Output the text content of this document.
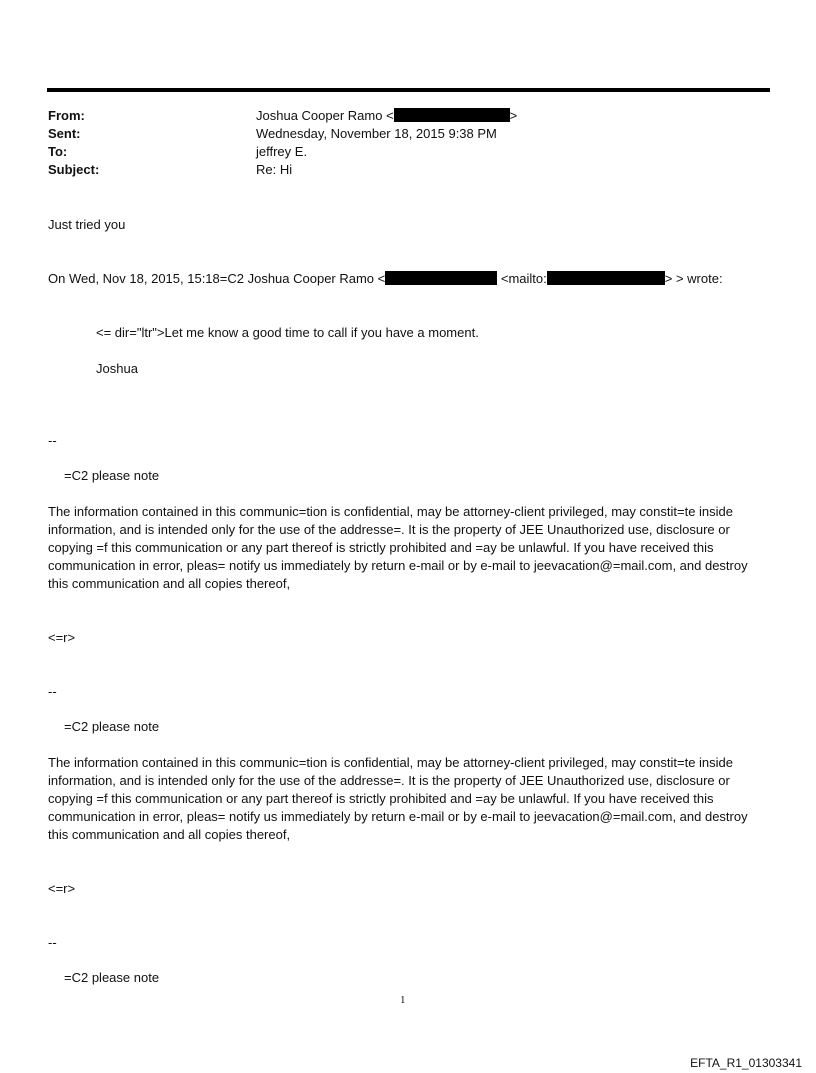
From:	Joshua Cooper Ramo <	>
Sent:	Wednesday, November 18, 2015 9:38 PM
To:	jeffrey E.
Subject:	Re: Hi
Just tried you
On Wed, Nov 18, 2015, 15:18=C2 Joshua Cooper Ramo <	<mailto:	> > wrote:
<= dir="ltr">Let me know a good time to call if you have a moment.
Joshua
--
=C2 please note
The information contained in this communic=tion is confidential, may be attorney-client privileged, may constit=te inside information, and is intended only for the use of the addresse=. It is the property of JEE Unauthorized use, disclosure or copying =f this communication or any part thereof is strictly prohibited and =ay be unlawful. If you have received this communication in error, pleas= notify us immediately by return e-mail or by e-mail to jeevacation@=mail.com, and destroy this communication and all copies thereof,
<=r>
--
=C2 please note
The information contained in this communic=tion is confidential, may be attorney-client privileged, may constit=te inside information, and is intended only for the use of the addresse=. It is the property of JEE Unauthorized use, disclosure or copying =f this communication or any part thereof is strictly prohibited and =ay be unlawful. If you have received this communication in error, pleas= notify us immediately by return e-mail or by e-mail to jeevacation@=mail.com, and destroy this communication and all copies thereof,
<=r>
--
=C2 please note
1
EFTA_R1_01303341
